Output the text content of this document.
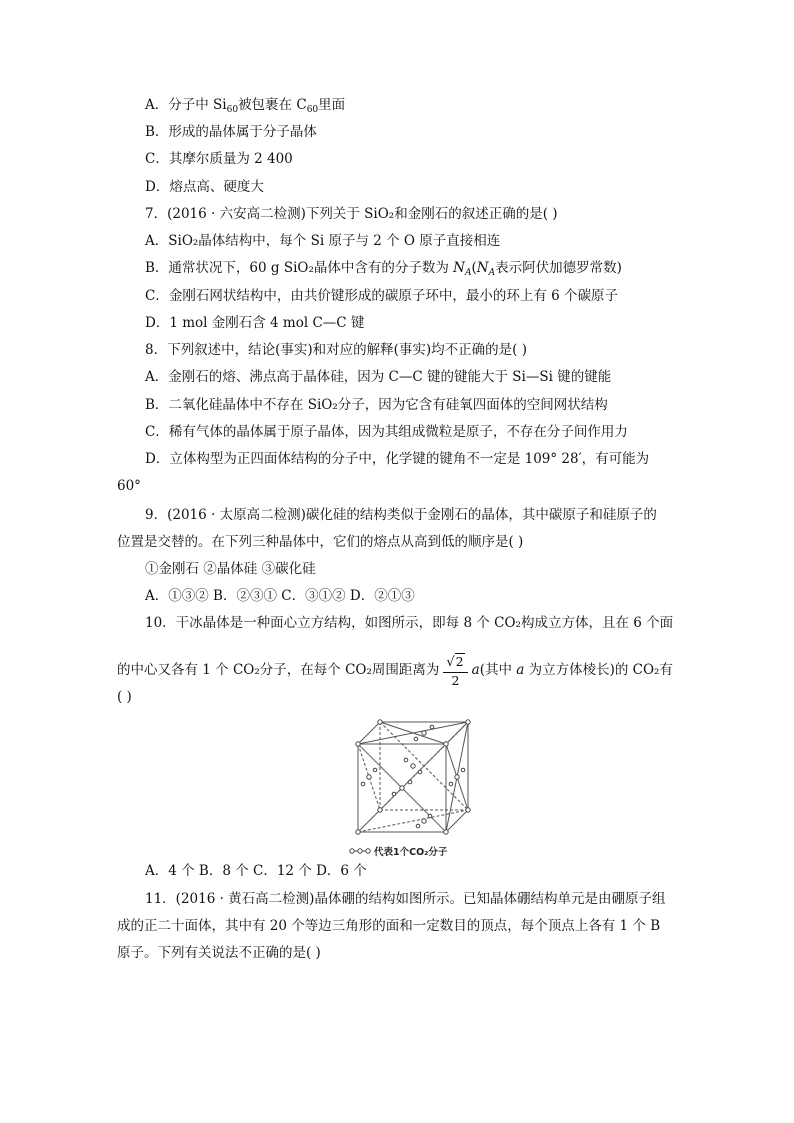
A．分子中 $Si_{60}$被包裹在 $C_{60}$里面
B．形成的晶体属于分子晶体
C．其摩尔质量为 2 400
D．熔点高、硬度大
7．(2016 · 六安高二检测)下列关于 SiO₂和金刚石的叙述正确的是( )
A．SiO₂晶体结构中，每个 Si 原子与 2 个 O 原子直接相连
B．通常状况下，60 g SiO₂晶体中含有的分子数为 $N_A(N_A$表示阿伏加德罗常数)
C．金刚石网状结构中，由共价键形成的碳原子环中，最小的环上有 6 个碳原子
D．1 mol 金刚石含 4 mol C—C 键
8．下列叙述中，结论(事实)和对应的解释(事实)均不正确的是( )
A．金刚石的熔、沸点高于晶体硅，因为 C—C 键的键能大于 Si—Si 键的键能
B．二氧化硅晶体中不存在 SiO₂分子，因为它含有硅氧四面体的空间网状结构
C．稀有气体的晶体属于原子晶体，因为其组成微粒是原子，不存在分子间作用力
D．立体构型为正四面体结构的分子中，化学键的键角不一定是 109° 28′，有可能为
60°
9．(2016 · 太原高二检测)碳化硅的结构类似于金刚石的晶体，其中碳原子和硅原子的
位置是交替的。在下列三种晶体中，它们的熔点从高到低的顺序是( )
①金刚石 ②晶体硅 ③碳化硅
A．①③② B．②③① C．③①② D．②①③
10．干冰晶体是一种面心立方结构，如图所示，即每 8 个 CO₂构成立方体，且在 6 个面
的中心又各有 1 个 CO₂分子，在每个 CO₂周围距离为 $\frac{√2}{2} a$(其中 a 为立方体棱长)的 CO₂有
( )
代表1个CO₂分子
A．4 个 B．8 个 C．12 个 D．6 个
11．(2016 · 黄石高二检测)晶体硼的结构如图所示。已知晶体硼结构单元是由硼原子组
成的正二十面体，其中有 20 个等边三角形的面和一定数目的顶点，每个顶点上各有 1 个 B
原子。下列有关说法不正确的是( )
